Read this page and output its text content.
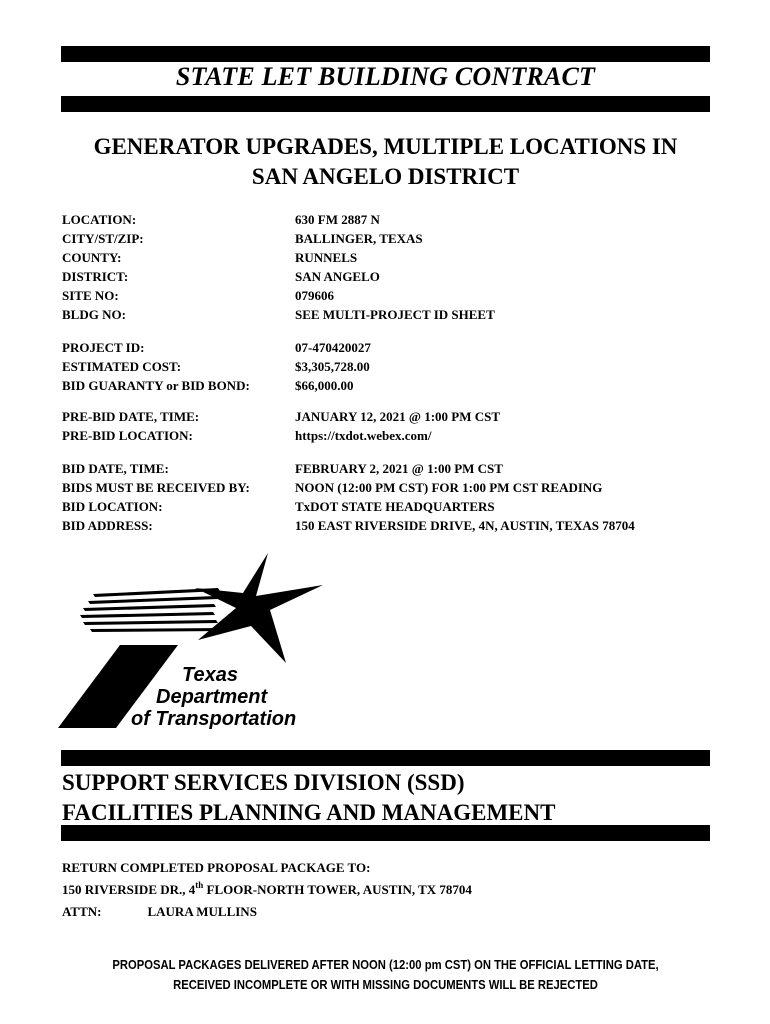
STATE LET BUILDING CONTRACT
GENERATOR UPGRADES, MULTIPLE LOCATIONS IN
SAN ANGELO DISTRICT
LOCATION:	630 FM 2887 N
CITY/ST/ZIP:	BALLINGER, TEXAS
COUNTY:	RUNNELS
DISTRICT:	SAN ANGELO
SITE NO:	079606
BLDG NO:	SEE MULTI-PROJECT ID SHEET
PROJECT ID:	07-470420027
ESTIMATED COST:	$3,305,728.00
BID GUARANTY or BID BOND:	$66,000.00
PRE-BID DATE, TIME:	JANUARY 12, 2021 @ 1:00 PM CST
PRE-BID LOCATION:	https://txdot.webex.com/
BID DATE, TIME:	FEBRUARY 2, 2021 @ 1:00 PM CST
BIDS MUST BE RECEIVED BY:	NOON (12:00 PM CST) FOR 1:00 PM CST READING
BID LOCATION:	TxDOT STATE HEADQUARTERS
BID ADDRESS:	150 EAST RIVERSIDE DRIVE, 4N, AUSTIN, TEXAS 78704
Texas
Department
of Transportation
SUPPORT SERVICES DIVISION (SSD)
FACILITIES PLANNING AND MANAGEMENT
RETURN COMPLETED PROPOSAL PACKAGE TO:
150 RIVERSIDE DR., 4th FLOOR-NORTH TOWER, AUSTIN, TX 78704
ATTN:	LAURA MULLINS
PROPOSAL PACKAGES DELIVERED AFTER NOON (12:00 pm CST) ON THE OFFICIAL LETTING DATE,
RECEIVED INCOMPLETE OR WITH MISSING DOCUMENTS WILL BE REJECTED
